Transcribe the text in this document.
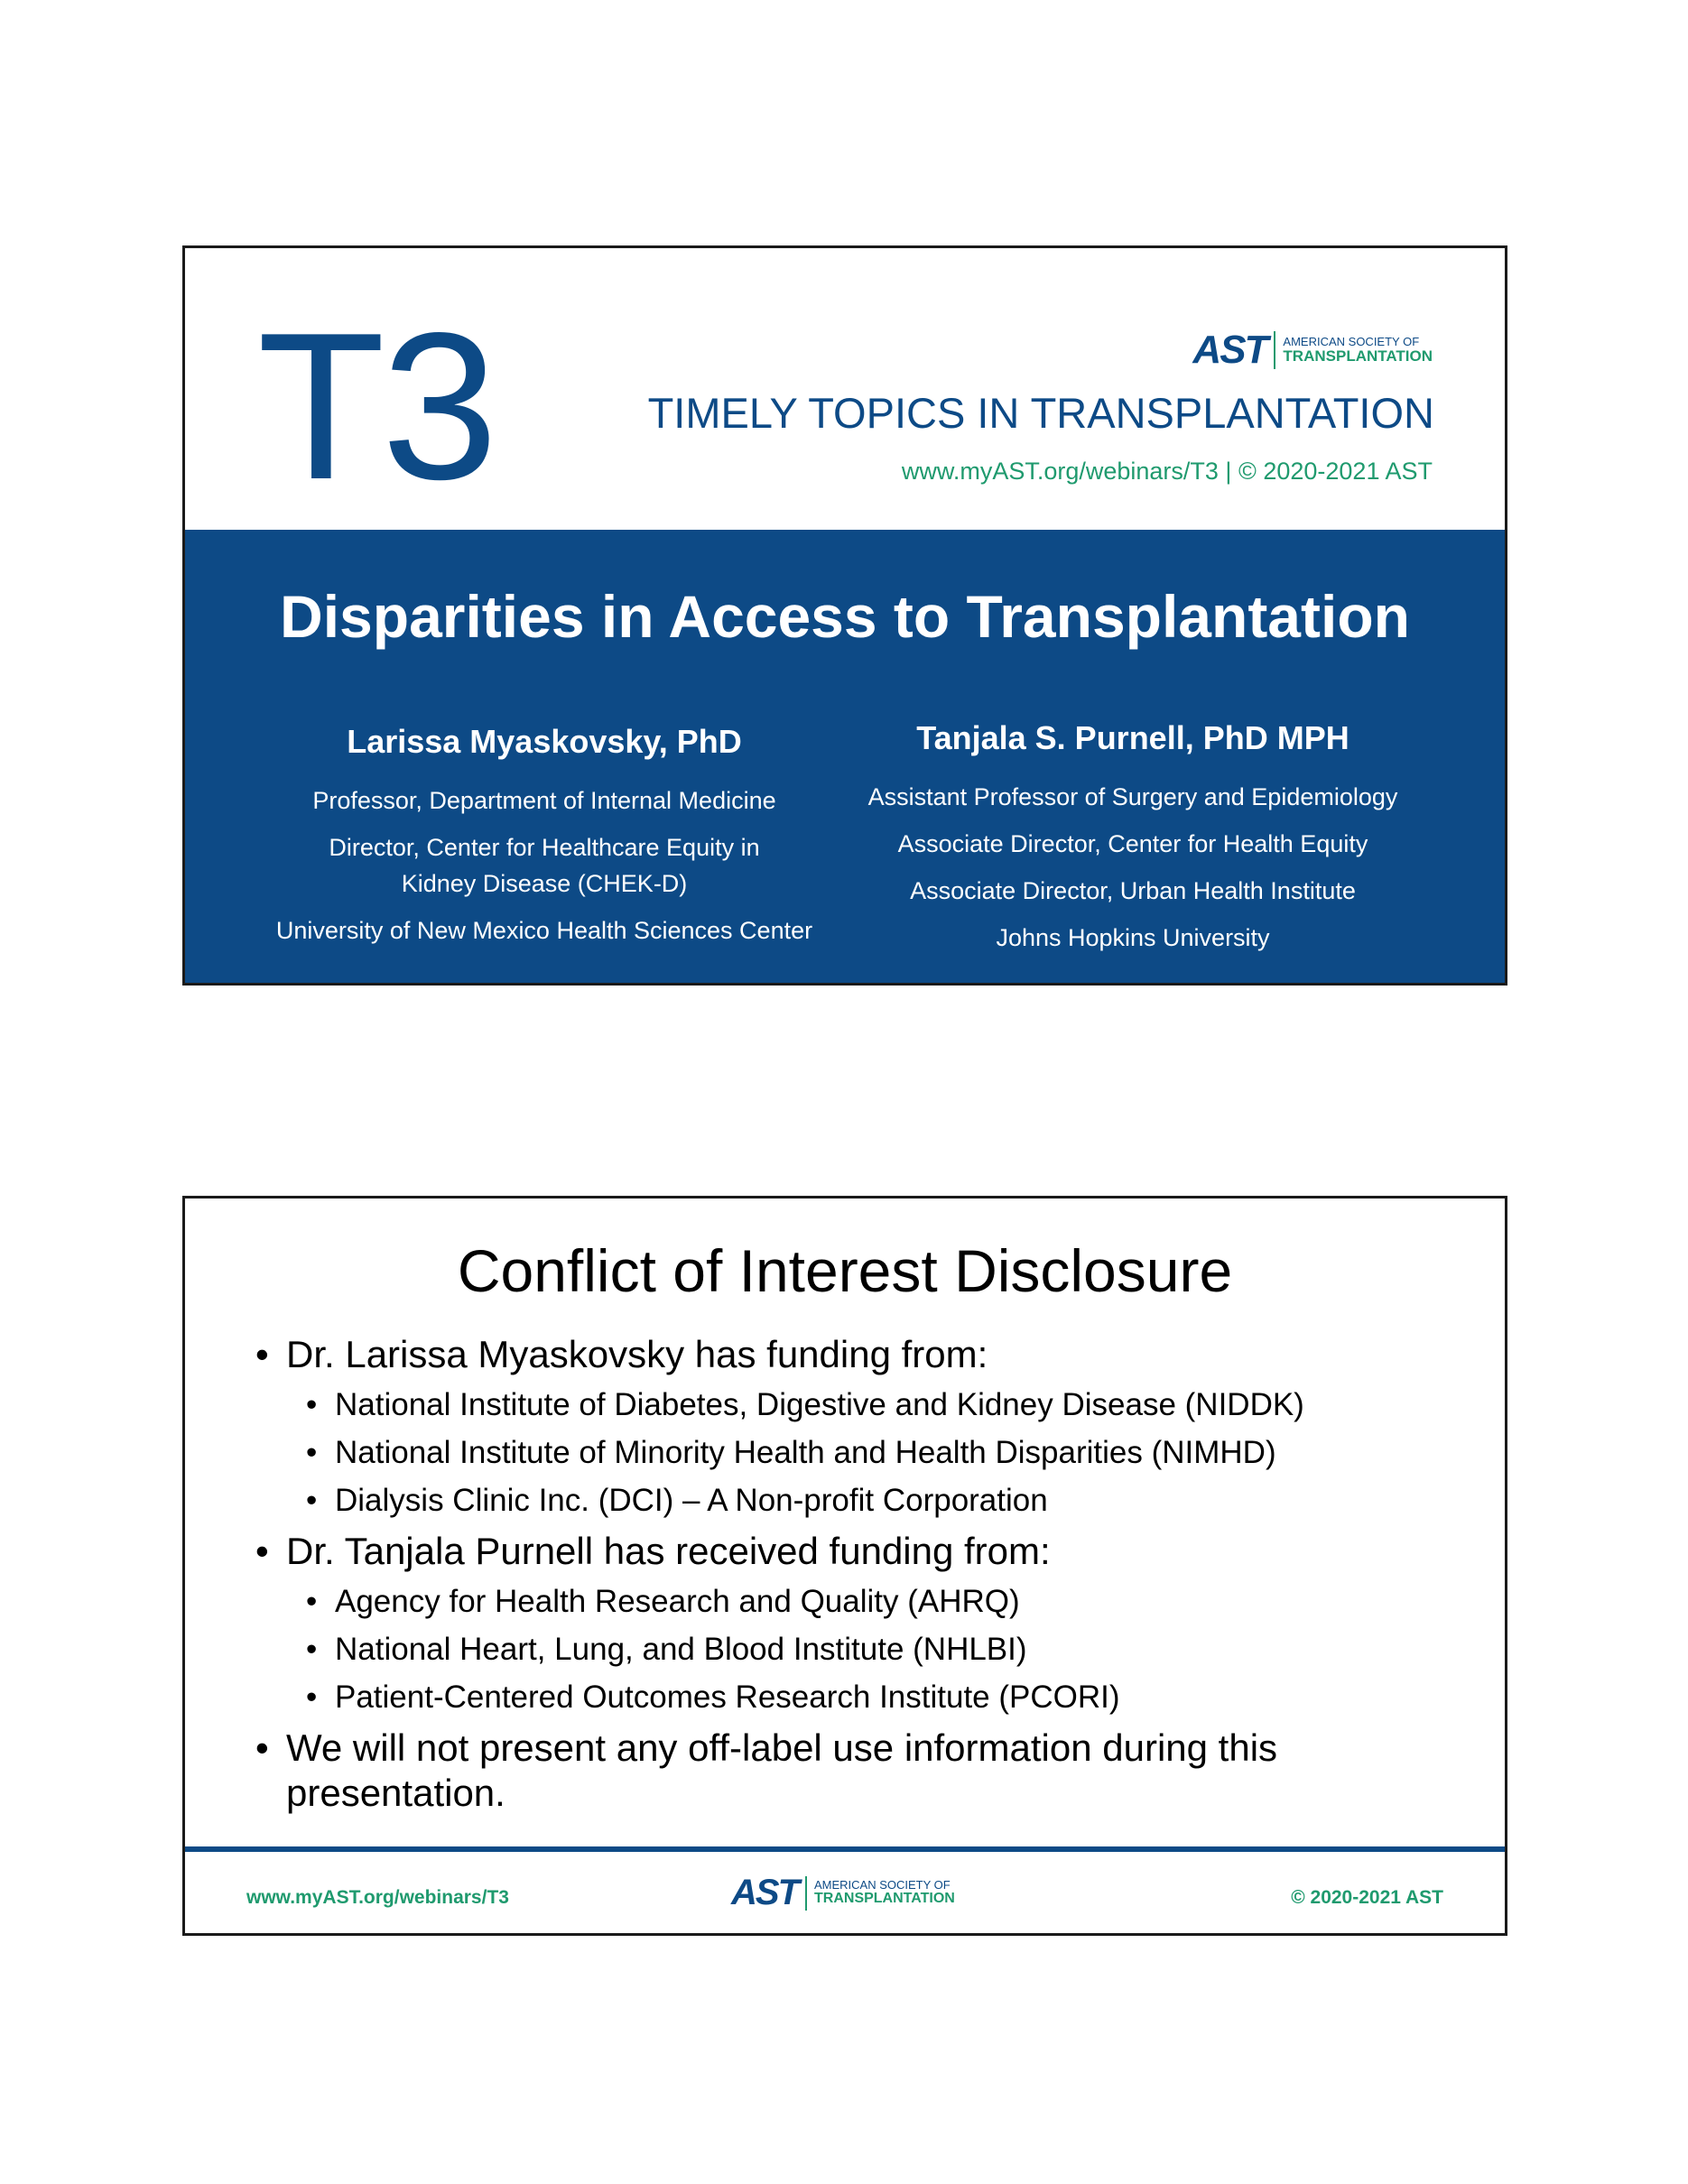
T3	AST AMERICAN SOCIETY OF
TRANSPLANTATION
TIMELY TOPICS IN TRANSPLANTATION
www.myAST.org/webinars/T3 | © 2020-2021 AST
Disparities in Access to Transplantation
Larissa Myaskovsky, PhD
Professor, Department of Internal Medicine
Director, Center for Healthcare Equity in Kidney Disease (CHEK-D)
University of New Mexico Health Sciences Center
Tanjala S. Purnell, PhD MPH
Assistant Professor of Surgery and Epidemiology
Associate Director, Center for Health Equity
Associate Director, Urban Health Institute
Johns Hopkins University
Conflict of Interest Disclosure
• Dr. Larissa Myaskovsky has funding from:
• National Institute of Diabetes, Digestive and Kidney Disease (NIDDK)
• National Institute of Minority Health and Health Disparities (NIMHD)
• Dialysis Clinic Inc. (DCI) – A Non-profit Corporation
• Dr. Tanjala Purnell has received funding from:
• Agency for Health Research and Quality (AHRQ)
• National Heart, Lung, and Blood Institute (NHLBI)
• Patient-Centered Outcomes Research Institute (PCORI)
• We will not present any off-label use information during this presentation.
www.myAST.org/webinars/T3	AST AMERICAN SOCIETY OF
TRANSPLANTATION	© 2020-2021 AST
